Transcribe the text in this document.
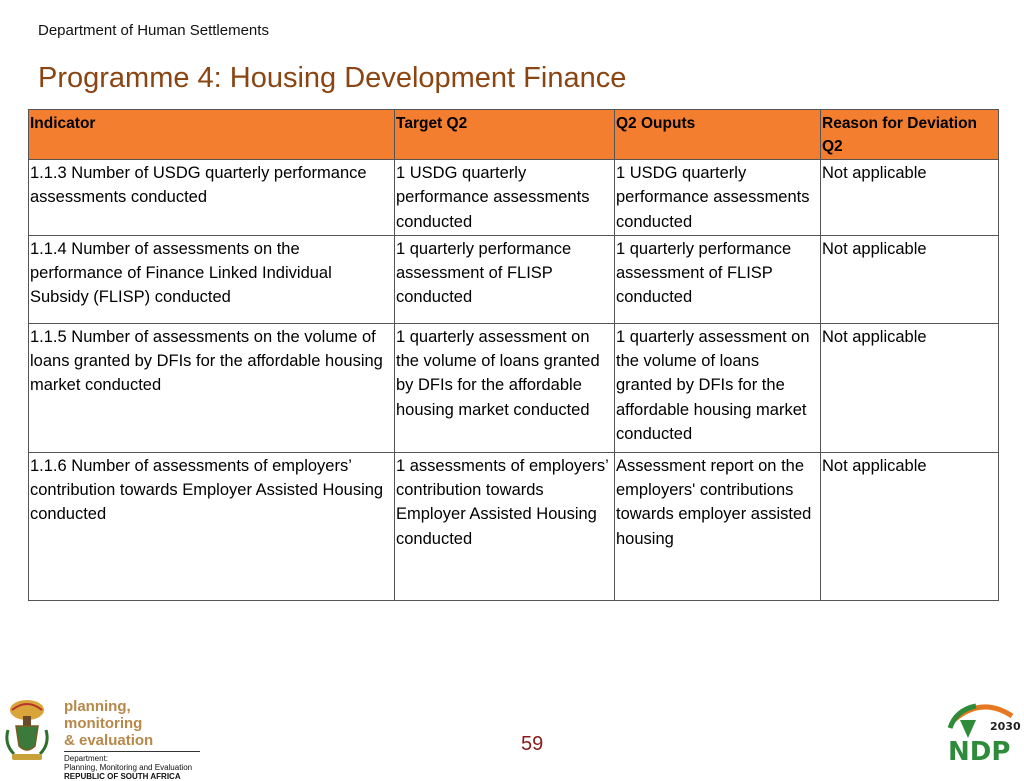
Department of Human Settlements
Programme 4: Housing Development Finance
Indicator	Target Q2	Q2 Ouputs	Reason for Deviation Q2
1.1.3 Number of USDG quarterly performance assessments conducted	1 USDG quarterly performance assessments conducted	1 USDG quarterly performance assessments conducted	Not applicable
1.1.4 Number of assessments on the performance of Finance Linked Individual Subsidy (FLISP) conducted	1 quarterly performance assessment of FLISP conducted	1 quarterly performance assessment of FLISP conducted	Not applicable
1.1.5 Number of assessments on the volume of loans granted by DFIs for the affordable housing market conducted	1 quarterly assessment on the volume of loans granted by DFIs for the affordable housing market conducted	1 quarterly assessment on the volume of loans granted by DFIs for the affordable housing market conducted	Not applicable
1.1.6 Number of assessments of employers’ contribution towards Employer Assisted Housing conducted	1 assessments of employers’ contribution towards Employer Assisted Housing conducted	Assessment report on the employers' contributions towards employer assisted housing	Not applicable
planning, monitoring
& evaluation
Department:
Planning, Monitoring and Evaluation
REPUBLIC OF SOUTH AFRICA
59
2030
NDP
